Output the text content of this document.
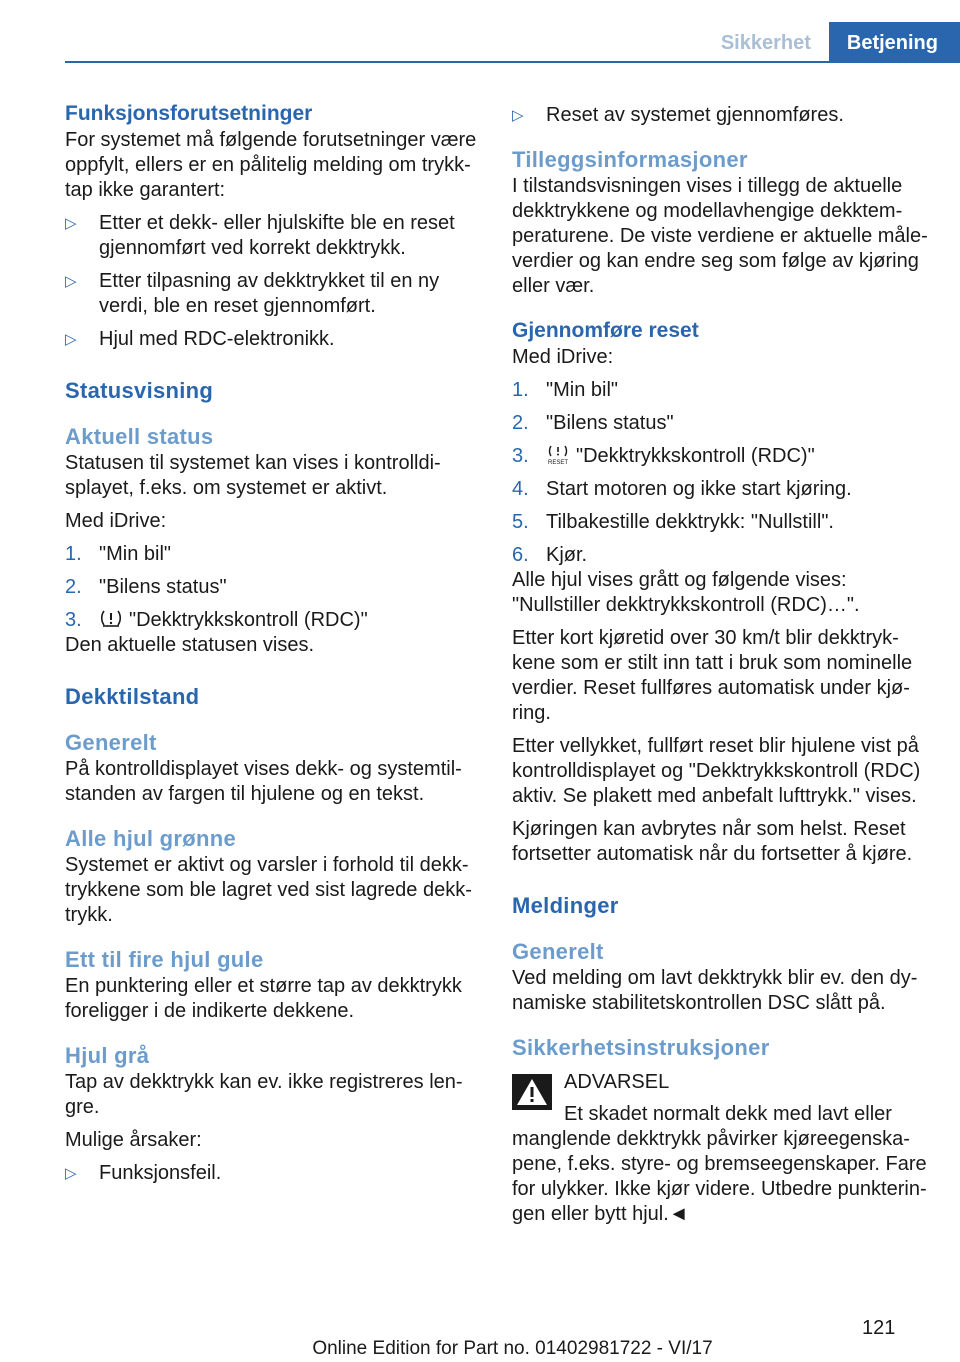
Sikkerhet	Betjening
Funksjonsforutsetninger

For systemet må følgende forutsetninger være oppfylt, ellers er en pålitelig melding om trykktap ikke garantert:

▷ Etter et dekk- eller hjulskifte ble en reset gjennomført ved korrekt dekktrykk.
▷ Etter tilpasning av dekktrykket til en ny verdi, ble en reset gjennomført.
▷ Hjul med RDC-elektronikk.
Statusvisning
Aktuell status

Statusen til systemet kan vises i kontrolldisplayet, f.eks. om systemet er aktivt.

Med iDrive:

1. "Min bil"
2. "Bilens status"
3. "Dekktrykkskontroll (RDC)"

Den aktuelle statusen vises.

Dekktilstand
Generelt

På kontrolldisplayet vises dekk- og systemtilstanden av fargen til hjulene og en tekst.

Alle hjul grønne

Systemet er aktivt og varsler i forhold til dekktrykkene som ble lagret ved sist lagrede dekktrykk.

Ett til fire hjul gule

En punktering eller et større tap av dekktrykk foreligger i de indikerte dekkene.

Hjul grå

Tap av dekktrykk kan ev. ikke registreres lengre.

Mulige årsaker:

▷ Funksjonsfeil.
▷ Reset av systemet gjennomføres.
Tilleggsinformasjoner

I tilstandsvisningen vises i tillegg de aktuelle dekktrykkene og modellavhengige dekktemperaturene. De viste verdiene er aktuelle måleverdier og kan endre seg som følge av kjøring eller vær.

Gjennomføre reset

Med iDrive:

1. "Min bil"
2. "Bilens status"
3.	RESET "Dekktrykkskontroll (RDC)"
4. Start motoren og ikke start kjøring.
5. Tilbakestille dekktrykk: "Nullstill".
6. Kjør.

Alle hjul vises grått og følgende vises: "Nullstiller dekktrykkskontroll (RDC)…".

Etter kort kjøretid over 30 km/t blir dekktrykkene som er stilt inn tatt i bruk som nominelle verdier. Reset fullføres automatisk under kjøring.

Etter vellykket, fullført reset blir hjulene vist på kontrolldisplayet og "Dekktrykkskontroll (RDC) aktiv. Se plakett med anbefalt lufttrykk." vises.

Kjøringen kan avbrytes når som helst. Reset fortsetter automatisk når du fortsetter å kjøre.

Meldinger
Generelt

Ved melding om lavt dekktrykk blir ev. den dynamiske stabilitetskontrollen DSC slått på.

Sikkerhetsinstruksjoner
ADVARSEL
Et skadet normalt dekk med lavt eller

manglende dekktrykk påvirker kjøreegenskapene, f.eks. styre- og bremseegenskaper. Fare for ulykker. Ikke kjør videre. Utbedre punkteringen eller bytt hjul.◄

121
Online Edition for Part no. 01402981722 - VI/17
